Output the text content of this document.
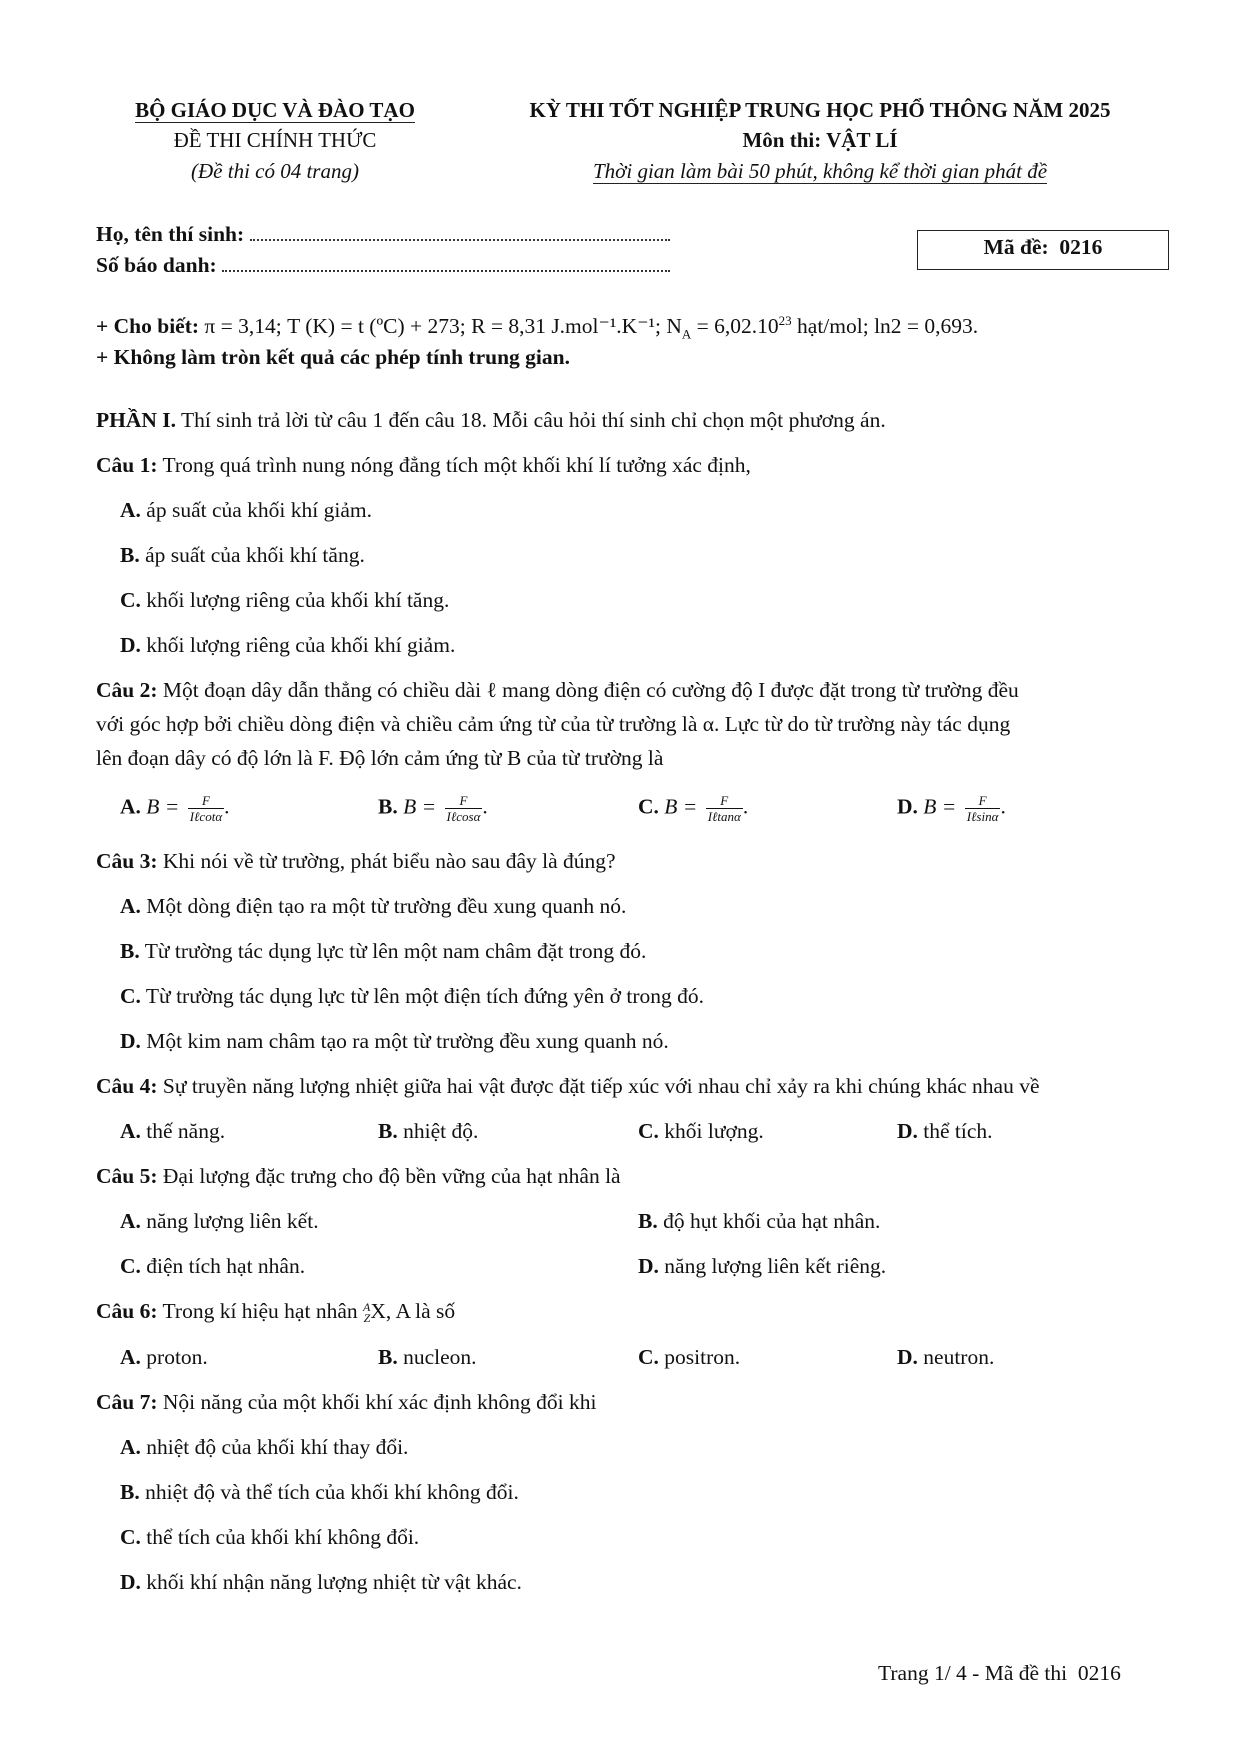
BỘ GIÁO DỤC VÀ ĐÀO TẠO
ĐỀ THI CHÍNH THỨC
(Đề thi có 04 trang)
KỲ THI TỐT NGHIỆP TRUNG HỌC PHỔ THÔNG NĂM 2025
Môn thi: VẬT LÍ
Thời gian làm bài 50 phút, không kể thời gian phát đề
Họ, tên thí sinh:
Số báo danh:
Mã đề: 0216
+ Cho biết: π = 3,14; T (K) = t (ºC) + 273; R = 8,31 J.mol⁻¹.K⁻¹; $N_A = 6,02.10^{23}$ hạt/mol; ln2 = 0,693.
+ Không làm tròn kết quả các phép tính trung gian.
PHẦN I. Thí sinh trả lời từ câu 1 đến câu 18. Mỗi câu hỏi thí sinh chỉ chọn một phương án.
Câu 1: Trong quá trình nung nóng đẳng tích một khối khí lí tưởng xác định,
A. áp suất của khối khí giảm.
B. áp suất của khối khí tăng.
C. khối lượng riêng của khối khí tăng.
D. khối lượng riêng của khối khí giảm.
Câu 2: Một đoạn dây dẫn thẳng có chiều dài ℓ mang dòng điện có cường độ I được đặt trong từ trường đều
với góc hợp bởi chiều dòng điện và chiều cảm ứng từ của từ trường là α. Lực từ do từ trường này tác dụng
lên đoạn dây có độ lớn là F. Độ lớn cảm ứng từ B của từ trường là
A. $B = \frac{F}{\text{Iℓcotα}}$ .	B. $B = \frac{F}{\text{Iℓcosα}}$ .	C. $B = \frac{F}{\text{Iℓtanα}}$ .	D. $B = \frac{F}{\text{Iℓsinα}}$ .
Câu 3: Khi nói về từ trường, phát biểu nào sau đây là đúng?
A. Một dòng điện tạo ra một từ trường đều xung quanh nó.
B. Từ trường tác dụng lực từ lên một nam châm đặt trong đó.
C. Từ trường tác dụng lực từ lên một điện tích đứng yên ở trong đó.
D. Một kim nam châm tạo ra một từ trường đều xung quanh nó.
Câu 4: Sự truyền năng lượng nhiệt giữa hai vật được đặt tiếp xúc với nhau chỉ xảy ra khi chúng khác nhau về
A. thế năng.	B. nhiệt độ.	C. khối lượng.	D. thể tích.
Câu 5: Đại lượng đặc trưng cho độ bền vững của hạt nhân là
A. năng lượng liên kết.	B. độ hụt khối của hạt nhân.
C. điện tích hạt nhân.	D. năng lượng liên kết riêng.
Câu 6: Trong kí hiệu hạt nhân A
Z X, A là số
A. proton.	B. nucleon.	C. positron.	D. neutron.
Câu 7: Nội năng của một khối khí xác định không đổi khi
A. nhiệt độ của khối khí thay đổi.
B. nhiệt độ và thể tích của khối khí không đổi.
C. thể tích của khối khí không đổi.
D. khối khí nhận năng lượng nhiệt từ vật khác.
Trang 1/ 4 - Mã đề thi  0216
